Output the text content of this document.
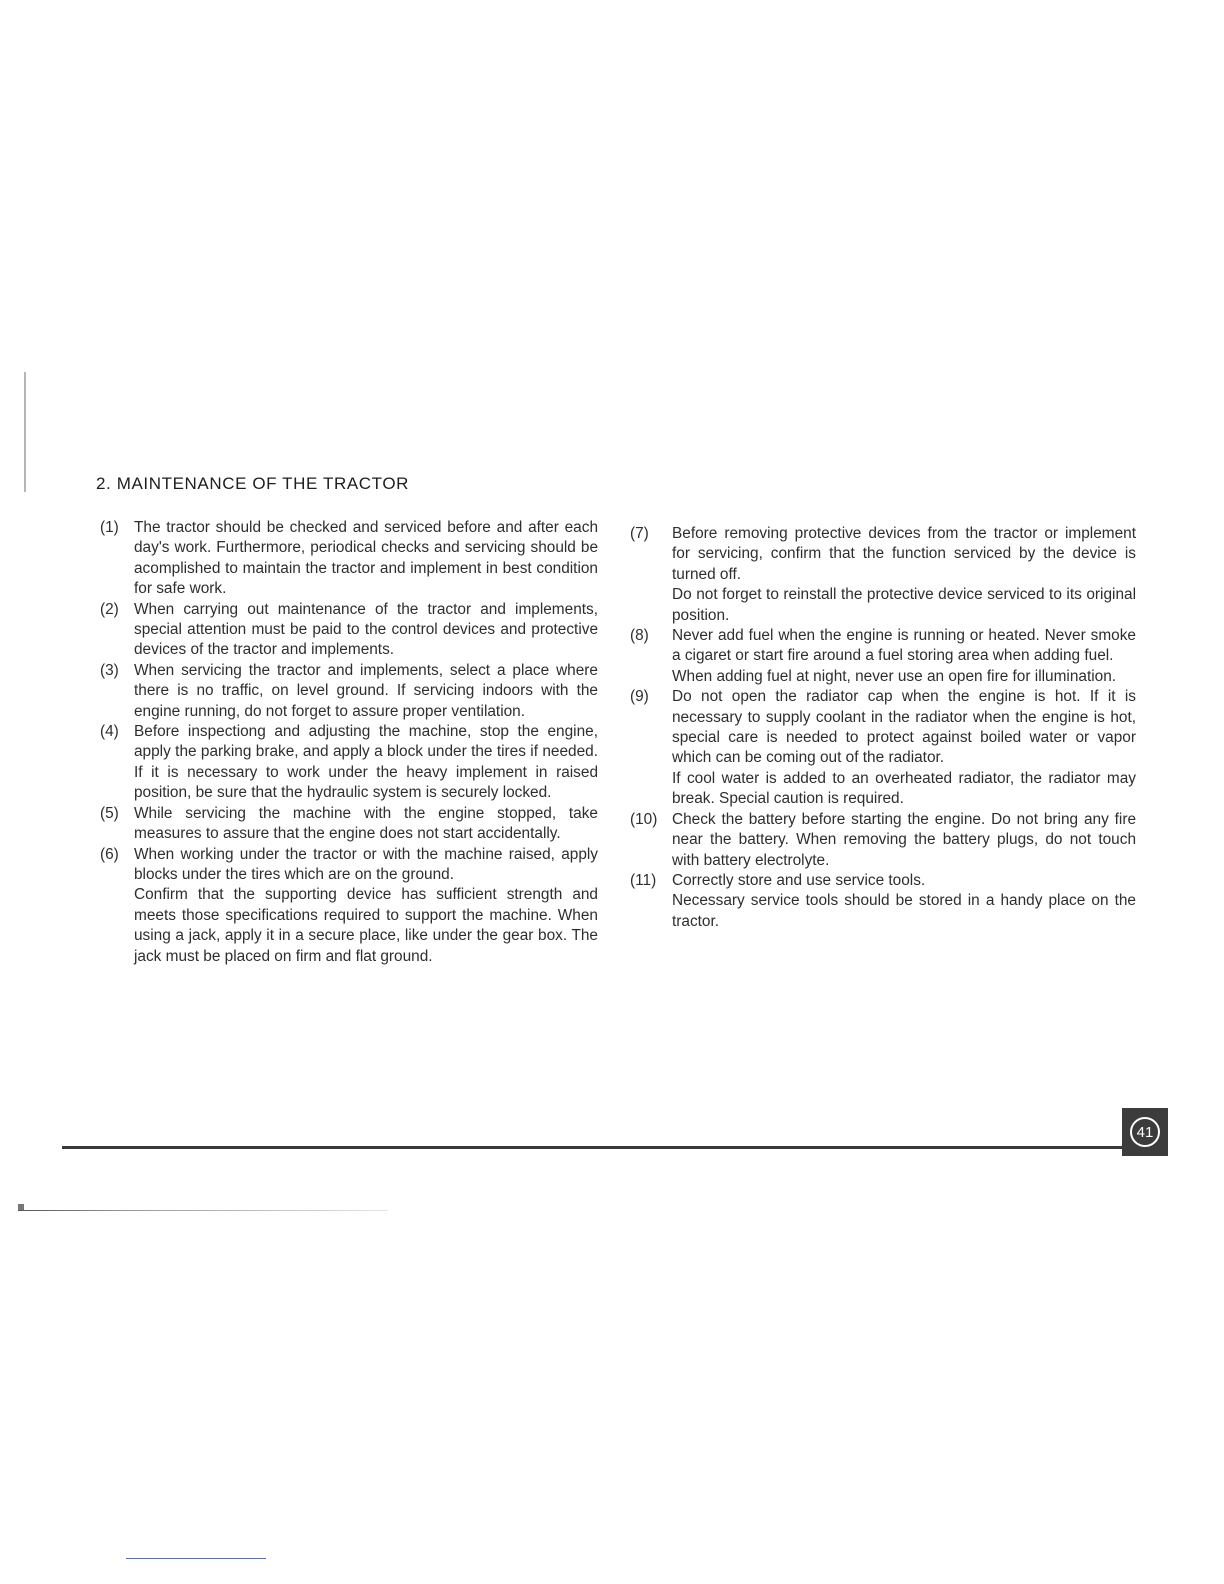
2. MAINTENANCE OF THE TRACTOR

(1) The tractor should be checked and serviced before and after each day's work. Furthermore, periodical checks and servicing should be acomplished to maintain the tractor and implement in best condition for safe work.

(2) When carrying out maintenance of the tractor and implements, special attention must be paid to the control devices and protective devices of the tractor and implements.

(3) When servicing the tractor and implements, select a place where there is no traffic, on level ground. If servicing indoors with the engine running, do not forget to assure proper ventilation.

(4) Before inspectiong and adjusting the machine, stop the engine, apply the parking brake, and apply a block under the tires if needed. If it is necessary to work under the heavy implement in raised position, be sure that the hydraulic system is securely locked.

(5) While servicing the machine with the engine stopped, take measures to assure that the engine does not start accidentally.

(6) When working under the tractor or with the machine raised, apply blocks under the tires which are on the ground.
Confirm that the supporting device has sufficient strength and meets those specifications required to support the machine. When using a jack, apply it in a secure place, like under the gear box. The jack must be placed on firm and flat ground.

(7) Before removing protective devices from the tractor or implement for servicing, confirm that the function serviced by the device is turned off.
Do not forget to reinstall the protective device serviced to its original position.

(8) Never add fuel when the engine is running or heated. Never smoke a cigaret or start fire around a fuel storing area when adding fuel.
When adding fuel at night, never use an open fire for illumination.

(9) Do not open the radiator cap when the engine is hot. If it is necessary to supply coolant in the radiator when the engine is hot, special care is needed to protect against boiled water or vapor which can be coming out of the radiator.
If cool water is added to an overheated radiator, the radiator may break. Special caution is required.

(10) Check the battery before starting the engine. Do not bring any fire near the battery. When removing the battery plugs, do not touch with battery electrolyte.

(11) Correctly store and use service tools.
Necessary service tools should be stored in a handy place on the tractor.

41
